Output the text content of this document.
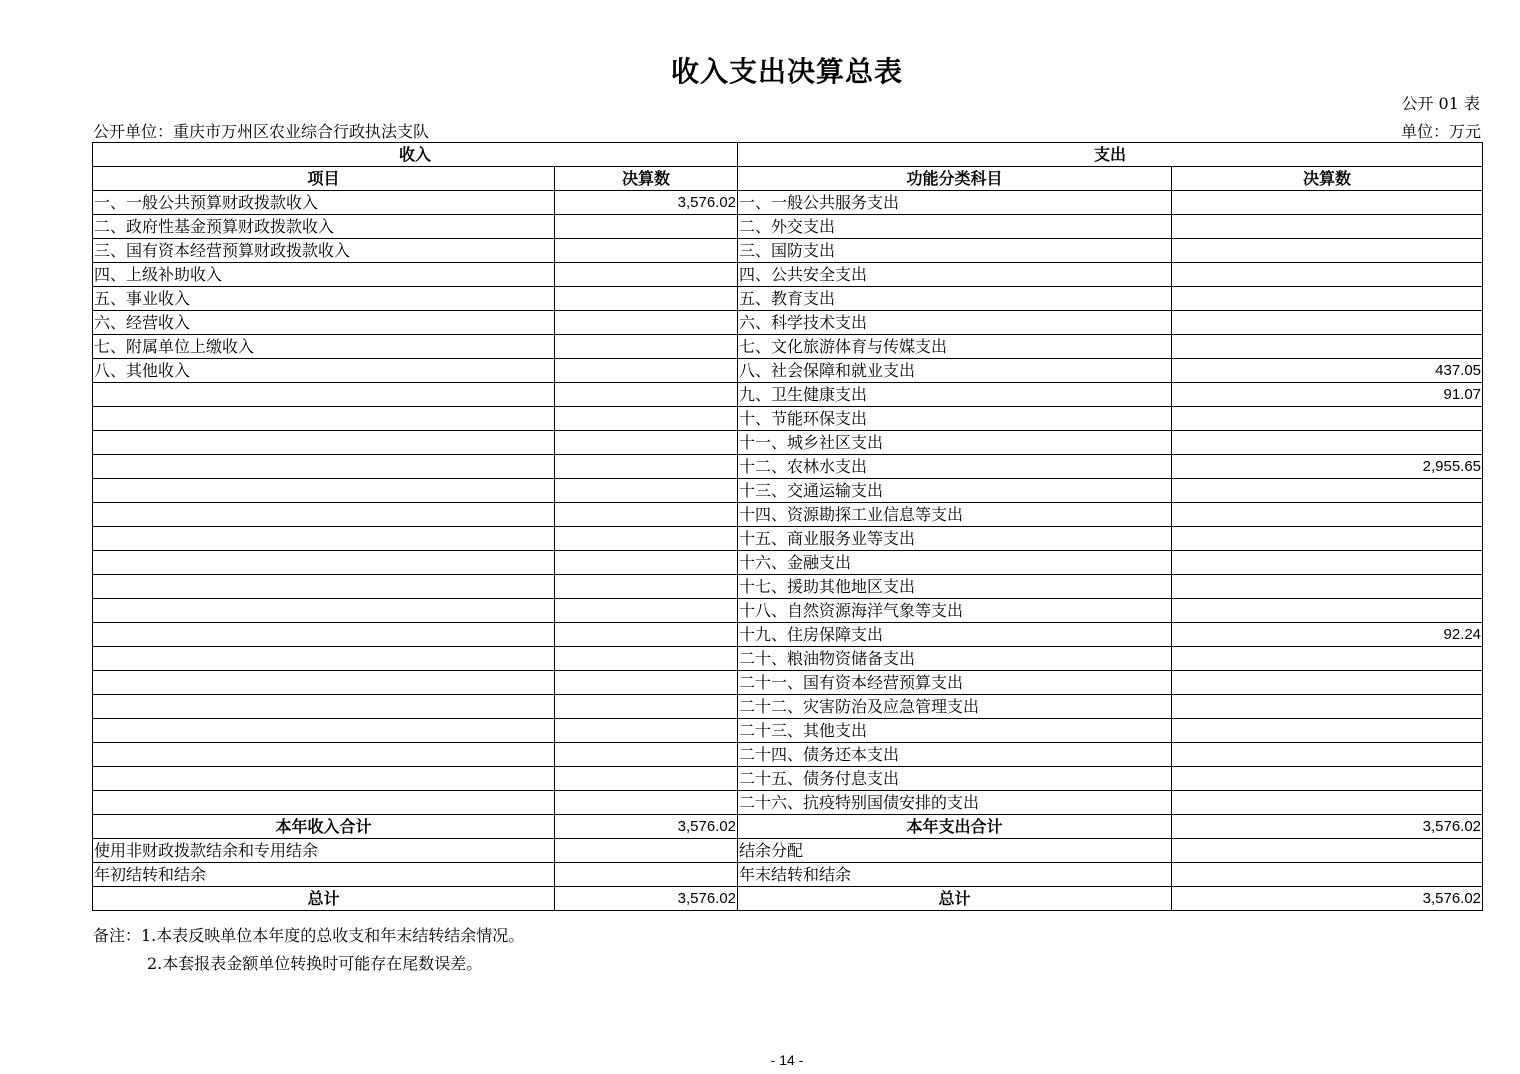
收入支出决算总表
公开 01 表
公开单位：重庆市万州区农业综合行政执法支队	单位：万元
收入		支出	
项目	决算数	功能分类科目	决算数
一、一般公共预算财政拨款收入	3,576.02	一、一般公共服务支出	
二、政府性基金预算财政拨款收入		二、外交支出	
三、国有资本经营预算财政拨款收入		三、国防支出	
四、上级补助收入		四、公共安全支出	
五、事业收入		五、教育支出	
六、经营收入		六、科学技术支出	
七、附属单位上缴收入		七、文化旅游体育与传媒支出	
八、其他收入		八、社会保障和就业支出	437.05
		九、卫生健康支出	91.07
		十、节能环保支出	
		十一、城乡社区支出	
		十二、农林水支出	2,955.65
		十三、交通运输支出	
		十四、资源勘探工业信息等支出	
		十五、商业服务业等支出	
		十六、金融支出	
		十七、援助其他地区支出	
		十八、自然资源海洋气象等支出	
		十九、住房保障支出	92.24
		二十、粮油物资储备支出	
		二十一、国有资本经营预算支出	
		二十二、灾害防治及应急管理支出	
		二十三、其他支出	
		二十四、债务还本支出	
		二十五、债务付息支出	
		二十六、抗疫特别国债安排的支出	
本年收入合计	3,576.02	本年支出合计	3,576.02
使用非财政拨款结余和专用结余		结余分配	
年初结转和结余		年末结转和结余	
总计	3,576.02	总计	3,576.02
备注：1.本表反映单位本年度的总收支和年末结转结余情况。
2.本套报表金额单位转换时可能存在尾数误差。
- 14 -
